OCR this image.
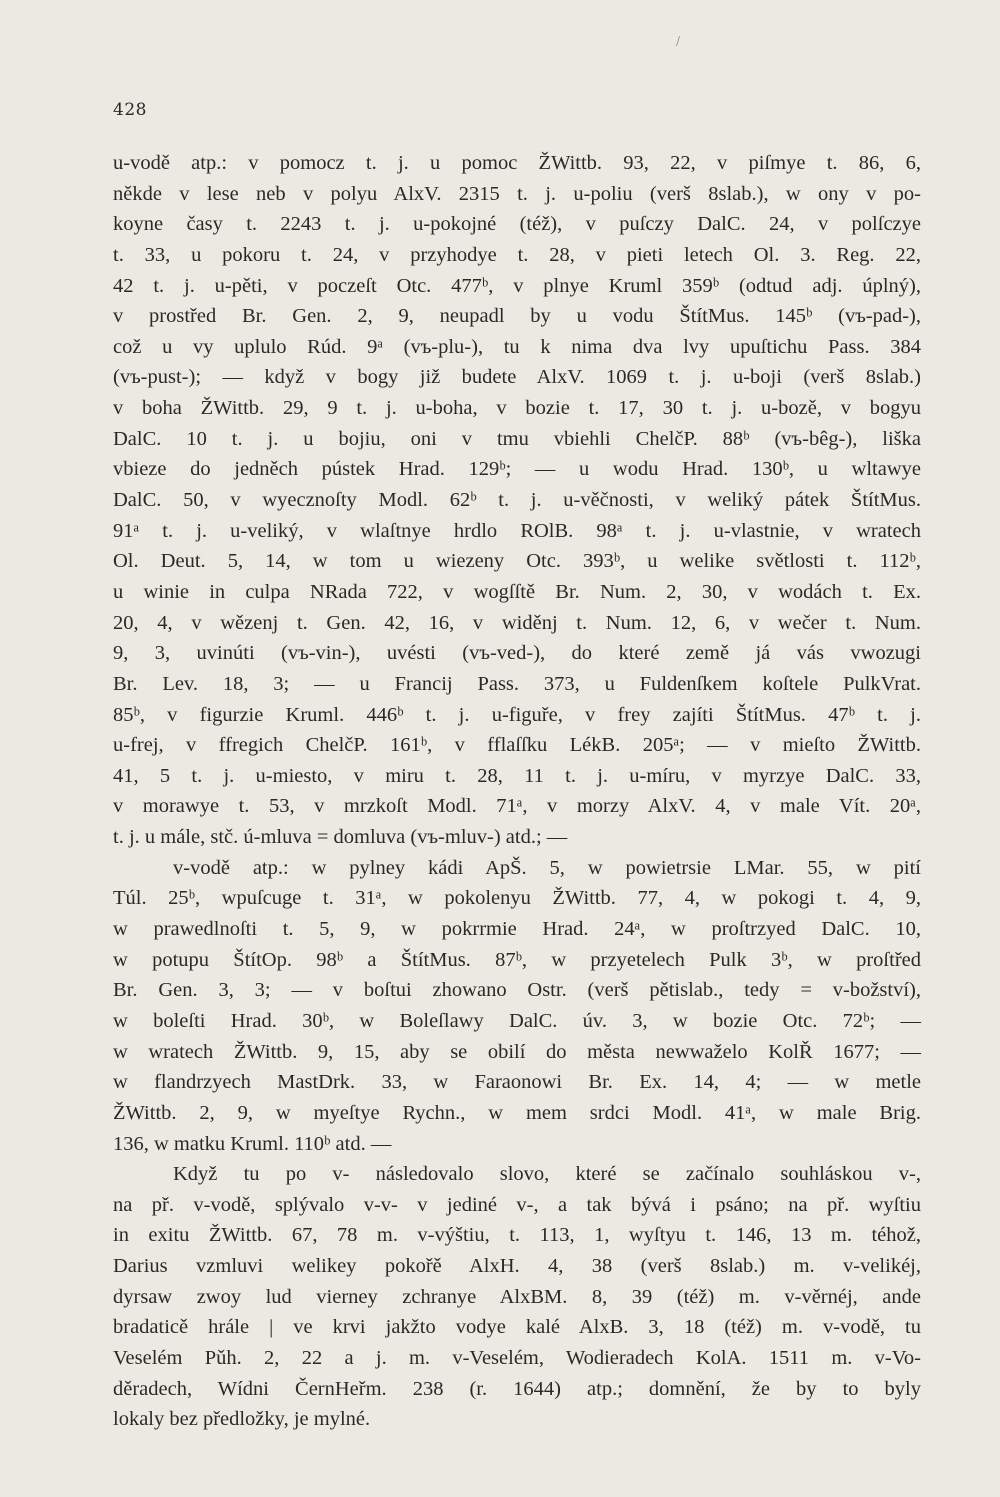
/
428
u-vodě atp.: v pomocz t. j. u pomoc ŽWittb. 93, 22, v piſmye t. 86, 6,
někde v lese neb v polyu AlxV. 2315 t. j. u-poliu (verš 8slab.), w ony v po-
koyne časy t. 2243 t. j. u-pokojné (též), v puſczy DalC. 24, v polſczye
t. 33, u pokoru t. 24, v przyhodye t. 28, v pieti letech Ol. 3. Reg. 22,
42 t. j. u-pěti, v poczeſt Otc. 477ᵇ, v plnye Kruml 359ᵇ (odtud adj. úplný),
v prostřed Br. Gen. 2, 9, neupadl by u vodu ŠtítMus. 145ᵇ (vъ-pad-),
což u vy uplulo Rúd. 9ᵃ (vъ-plu-), tu k nima dva lvy upuſtichu Pass. 384
(vъ-pust-); — když v bogy již budete AlxV. 1069 t. j. u-boji (verš 8slab.)
v boha ŽWittb. 29, 9 t. j. u-boha, v bozie t. 17, 30 t. j. u-bozě, v bogyu
DalC. 10 t. j. u bojiu, oni v tmu vbiehli ChelčP. 88ᵇ (vъ-bêg-), liška
vbieze do jedněch pústek Hrad. 129ᵇ; — u wodu Hrad. 130ᵇ, u wltawye
DalC. 50, v wyecznoſty Modl. 62ᵇ t. j. u-věčnosti, v weliký pátek ŠtítMus.
91ᵃ t. j. u-veliký, v wlaſtnye hrdlo ROlB. 98ᵃ t. j. u-vlastnie, v wratech
Ol. Deut. 5, 14, w tom u wiezeny Otc. 393ᵇ, u welike světlosti t. 112ᵇ,
u winie in culpa NRada 722, v wogſſtě Br. Num. 2, 30, v wodách t. Ex.
20, 4, v wězenj t. Gen. 42, 16, v widěnj t. Num. 12, 6, v wečer t. Num.
9, 3, uvinúti (vъ-vin-), uvésti (vъ-ved-), do které země já vás vwozugi
Br. Lev. 18, 3; — u Francij Pass. 373, u Fuldenſkem koſtele PulkVrat.
85ᵇ, v figurzie Kruml. 446ᵇ t. j. u-figuře, v frey zajíti ŠtítMus. 47ᵇ t. j.
u-frej, v ffregich ChelčP. 161ᵇ, v fflaſſku LékB. 205ᵃ; — v mieſto ŽWittb.
41, 5 t. j. u-miesto, v miru t. 28, 11 t. j. u-míru, v myrzye DalC. 33,
v morawye t. 53, v mrzkoſt Modl. 71ᵃ, v morzy AlxV. 4, v male Vít. 20ᵃ,
t. j. u mále, stč. ú-mluva = domluva (vъ-mluv-) atd.; —
v-vodě atp.: w pylney kádi ApŠ. 5, w powietrsie LMar. 55, w pití
Túl. 25ᵇ, wpuſcuge t. 31ᵃ, w pokolenyu ŽWittb. 77, 4, w pokogi t. 4, 9,
w prawedlnoſti t. 5, 9, w pokrrmie Hrad. 24ᵃ, w proſtrzyed DalC. 10,
w potupu ŠtítOp. 98ᵇ a ŠtítMus. 87ᵇ, w przyetelech Pulk 3ᵇ, w proſtřed
Br. Gen. 3, 3; — v boſtui zhowano Ostr. (verš pětislab., tedy = v-božství),
w boleſti Hrad. 30ᵇ, w Boleſlawy DalC. úv. 3, w bozie Otc. 72ᵇ; —
w wratech ŽWittb. 9, 15, aby se obilí do města newwaželo KolŘ 1677; —
w flandrzyech MastDrk. 33, w Faraonowi Br. Ex. 14, 4; — w metle
ŽWittb. 2, 9, w myeſtye Rychn., w mem srdci Modl. 41ᵃ, w male Brig.
136, w matku Kruml. 110ᵇ atd. —
Když tu po v- následovalo slovo, které se začínalo souhláskou v-,
na př. v-vodě, splývalo v-v- v jediné v-, a tak bývá i psáno; na př. wyſtiu
in exitu ŽWittb. 67, 78 m. v-výštiu, t. 113, 1, wyſtyu t. 146, 13 m. téhož,
Darius vzmluvi welikey pokořě AlxH. 4, 38 (verš 8slab.) m. v-velikéj,
dyrsaw zwoy lud vierney zchranye AlxBM. 8, 39 (též) m. v-věrnéj, ande
bradaticě hrále | ve krvi jakžto vodye kalé AlxB. 3, 18 (též) m. v-vodě, tu
Veselém Pǔh. 2, 22 a j. m. v-Veselém, Wodieradech KolA. 1511 m. v-Vo-
děradech, Wídni ČernHeřm. 238 (r. 1644) atp.; domnění, že by to byly
lokaly bez předložky, je mylné.
